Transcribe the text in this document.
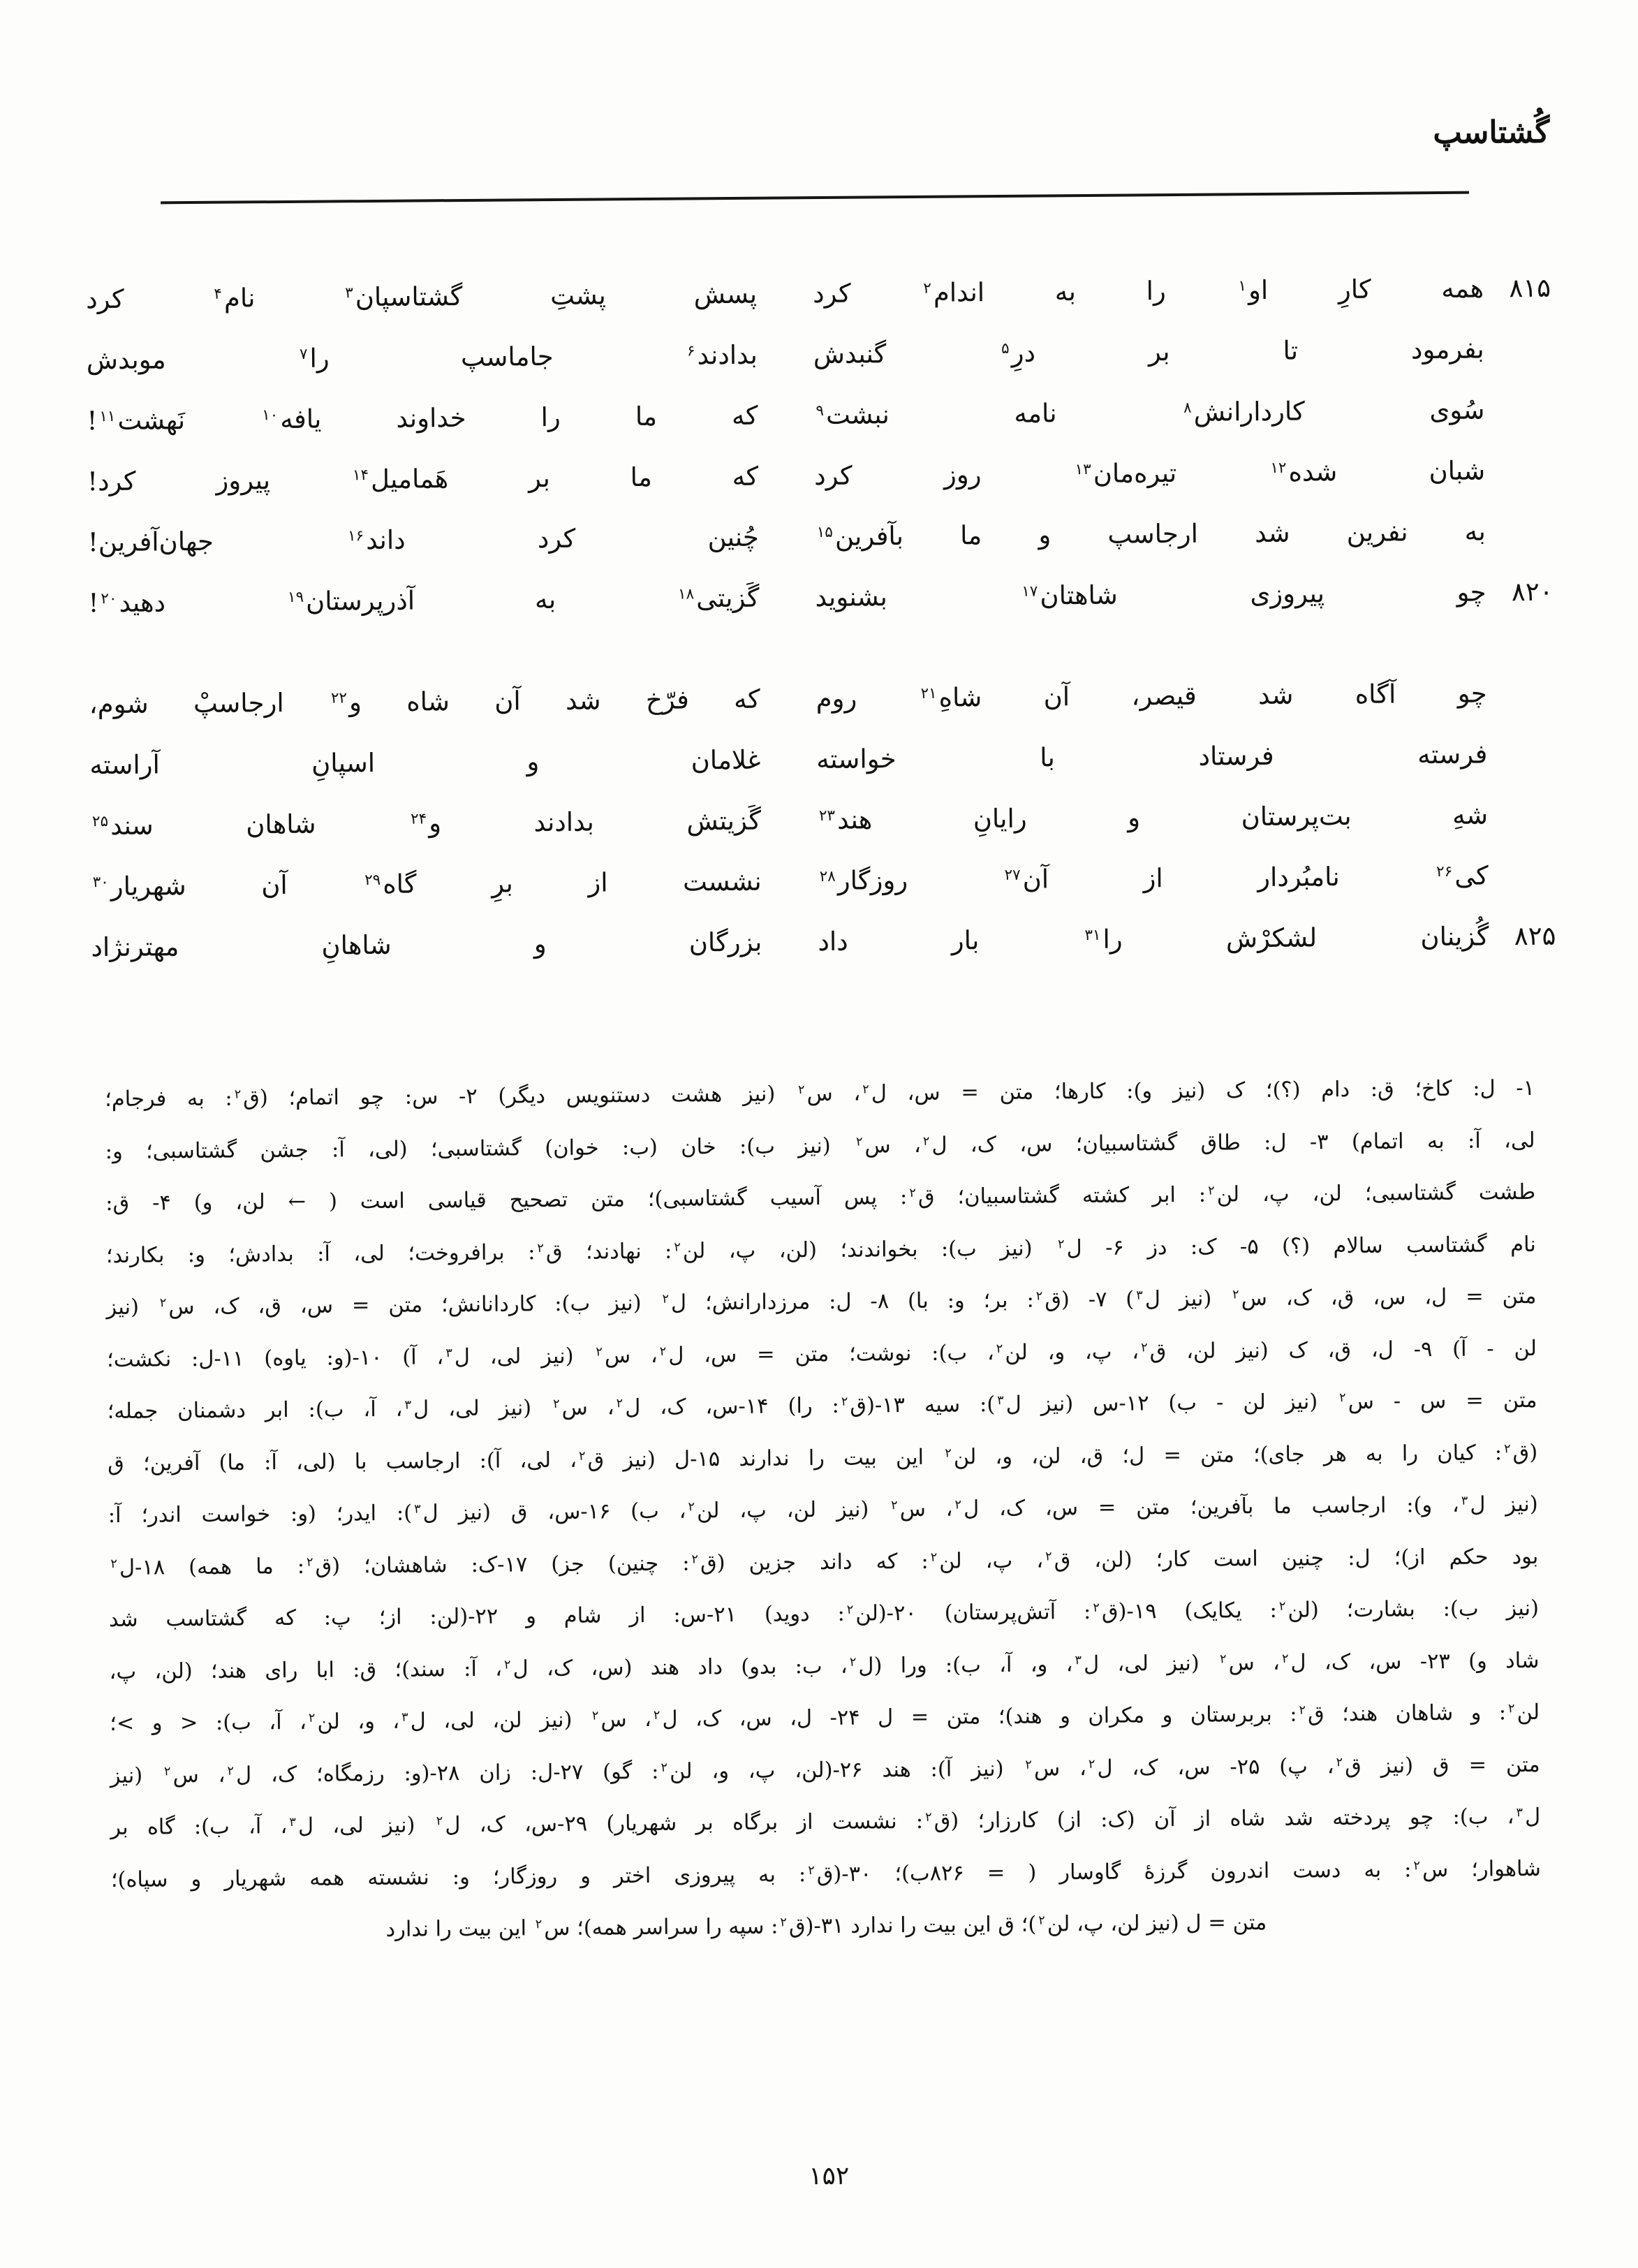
گُشتاسپ
۸۱۵
همه کارِ او$^۱$ را به اندام$^۲$ کرد
پسش پشتِ گشتاسپان$^۳$ نام$^۴$ کرد
بفرمود تا بر درِ$^۵$ گنبدش
بدادند$^۶$ جاماسپ را$^۷$ موبدش
سُوی کاردارانش$^۸$ نامه نبشت$^۹$
که ما را خداوند یافه$^{۱۰}$ نَهشت$^{۱۱}$!
شبان شده$^{۱۲}$ تیره‌مان$^{۱۳}$ روز کرد
که ما بر هَمامیل$^{۱۴}$ پیروز کرد!
به نفرین شد ارجاسپ و ما بآفرین$^{۱۵}$
چُنین کرد داند$^{۱۶}$ جهان‌آفرین!
۸۲۰
چو پیروزی شاهتان$^{۱۷}$ بشنوید
گَزیتی$^{۱۸}$ به آذرپرستان$^{۱۹}$ دهید$^{۲۰}$!
چو آگاه شد قیصر، آن شاهِ$^{۲۱}$ روم
که فرّخ شد آن شاه و$^{۲۲}$ ارجاسپْ شوم،
فرسته فرستاد با خواسته
غلامان و اسپانِ آراسته
شهِ بت‌پرستان و رایانِ هند$^{۲۳}$
گَزیتش بدادند و$^{۲۴}$ شاهان سند$^{۲۵}$
کی$^{۲۶}$ نامبُردار از آن$^{۲۷}$ روزگار$^{۲۸}$
نشست از برِ گاه$^{۲۹}$ آن شهریار$^{۳۰}$
۸۲۵
گُزینان لشکرْش را$^{۳۱}$ بار داد
بزرگان و شاهانِ مهترنژاد
۱- ل: کاخ؛ ق: دام (؟)؛ ک (نیز و): کارها؛ متن = س، ل$^۲$، س$^۲$ (نیز هشت دستنویس دیگر) ۲- س: چو اتمام؛ (ق$^۲$: به فرجام؛
لی، آ: به اتمام) ۳- ل: طاق گشتاسبیان؛ س، ک، ل$^۲$، س$^۲$ (نیز ب): خان (ب: خوان) گشتاسبی؛ (لی، آ: جشن گشتاسبی؛ و:
طشت گشتاسبی؛ لن، پ، لن$^۲$: ابر کشته گشتاسبیان؛ ق$^۲$: پس آسیب گشتاسبی)؛ متن تصحیح قیاسی است ( ← لن، و) ۴- ق:
نام گشتاسب سالام (؟) ۵- ک: دز ۶- ل$^۲$ (نیز ب): بخواندند؛ (لن، پ، لن$^۲$: نهادند؛ ق$^۲$: برافروخت؛ لی، آ: بدادش؛ و: بکارند؛
متن = ل، س، ق، ک، س$^۲$ (نیز ل$^۳$) ۷- (ق$^۲$: بر؛ و: با) ۸- ل: مرزدارانش؛ ل$^۲$ (نیز ب): کاردانانش؛ متن = س، ق، ک، س$^۲$ (نیز
لن - آ) ۹- ل، ق، ک (نیز لن، ق$^۲$، پ، و، لن$^۲$، ب): نوشت؛ متن = س، ل$^۲$، س$^۲$ (نیز لی، ل$^۳$، آ) ۱۰-(و: یاوه) ۱۱-ل: نکشت؛
متن = س - س$^۲$ (نیز لن - ب) ۱۲-س (نیز ل$^۳$): سیه ۱۳-(ق$^۲$: را) ۱۴-س، ک، ل$^۲$، س$^۲$ (نیز لی، ل$^۳$، آ، ب): ابر دشمنان جمله؛
(ق$^۲$: کیان را به هر جای)؛ متن = ل؛ ق، لن، و، لن$^۲$ این بیت را ندارند ۱۵-ل (نیز ق$^۲$، لی، آ): ارجاسب با (لی، آ: ما) آفرین؛ ق
(نیز ل$^۳$، و): ارجاسب ما بآفرین؛ متن = س، ک، ل$^۲$، س$^۲$ (نیز لن، پ، لن$^۲$، ب) ۱۶-س، ق (نیز ل$^۳$): ایدر؛ (و: خواست اندر؛ آ:
بود حکم از)؛ ل: چنین است کار؛ (لن، ق$^۲$، پ، لن$^۲$: که داند جزین (ق$^۲$: چنین) جز) ۱۷-ک: شاهشان؛ (ق$^۲$: ما همه) ۱۸-ل$^۲$
(نیز ب): بشارت؛ (لن$^۲$: یکایک) ۱۹-(ق$^۲$: آتش‌پرستان) ۲۰-(لن$^۲$: دوید) ۲۱-س: از شام و ۲۲-(لن: از؛ پ: که گشتاسب شد
شاد و) ۲۳- س، ک، ل$^۲$، س$^۲$ (نیز لی، ل$^۳$، و، آ، ب): ورا (ل$^۲$، ب: بدو) داد هند (س، ک، ل$^۲$، آ: سند)؛ ق: ابا رای هند؛ (لن، پ،
لن$^۲$: و شاهان هند؛ ق$^۲$: بربرستان و مکران و هند)؛ متن = ل ۲۴- ل، س، ک، ل$^۲$، س$^۲$ (نیز لن، لی، ل$^۳$، و، لن$^۲$، آ، ب): < و >؛
متن = ق (نیز ق$^۲$، پ) ۲۵- س، ک، ل$^۲$، س$^۲$ (نیز آ): هند ۲۶-(لن، پ، و، لن$^۲$: گو) ۲۷-ل: زان ۲۸-(و: رزمگاه؛ ک، ل$^۲$، س$^۲$ (نیز
ل$^۳$، ب): چو پردخته شد شاه از آن (ک: از) کارزار؛ (ق$^۲$: نشست از برگاه بر شهریار) ۲۹-س، ک، ل$^۲$ (نیز لی، ل$^۳$، آ، ب): گاه بر
شاهوار؛ س$^۲$: به دست اندرون گرزهٔ گاوسار ( = ۸۲۶ب)؛ ۳۰-(ق$^۲$: به پیروزی اختر و روزگار؛ و: نشسته همه شهریار و سپاه)؛
متن = ل (نیز لن، پ، لن$^۲$)؛ ق این بیت را ندارد ۳۱-(ق$^۲$: سپه را سراسر همه)؛ س$^۲$ این بیت را ندارد
۱۵۲
